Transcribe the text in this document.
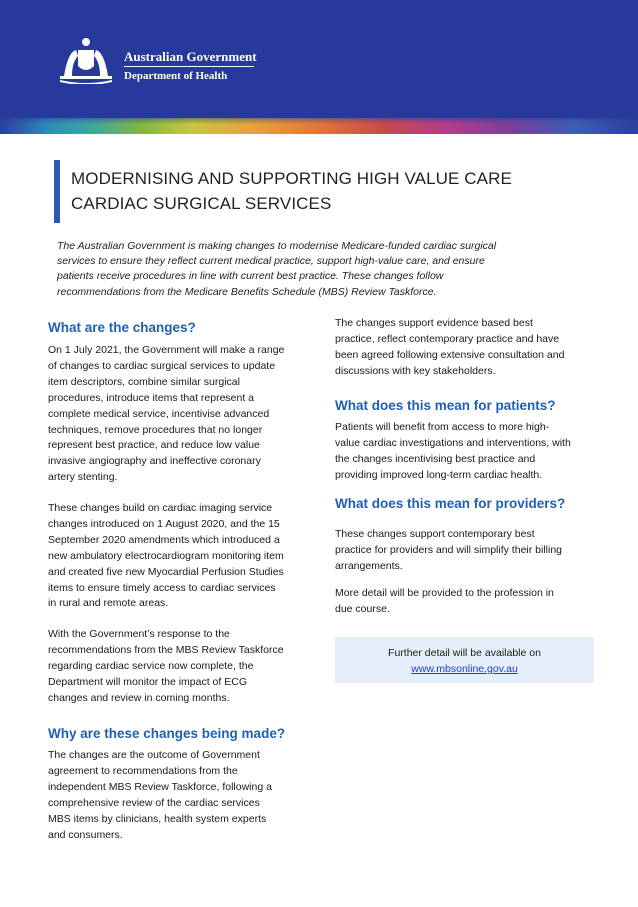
Australian Government
Department of Health
MODERNISING AND SUPPORTING HIGH VALUE CARE
CARDIAC SURGICAL SERVICES
The Australian Government is making changes to modernise Medicare-funded cardiac surgical
services to ensure they reflect current medical practice, support high-value care, and ensure
patients receive procedures in line with current best practice. These changes follow
recommendations from the Medicare Benefits Schedule (MBS) Review Taskforce.
What are the changes?

On 1 July 2021, the Government will make a range

of changes to cardiac surgical services to update

item descriptors, combine similar surgical

procedures, introduce items that represent a

complete medical service, incentivise advanced

techniques, remove procedures that no longer

represent best practice, and reduce low value

invasive angiography and ineffective coronary

artery stenting.

These changes build on cardiac imaging service

changes introduced on 1 August 2020, and the 15

September 2020 amendments which introduced a

new ambulatory electrocardiogram monitoring item

and created five new Myocardial Perfusion Studies

items to ensure timely access to cardiac services

in rural and remote areas.

With the Government’s response to the

recommendations from the MBS Review Taskforce

regarding cardiac service now complete, the

Department will monitor the impact of ECG

changes and review in coming months.

Why are these changes being made?

The changes are the outcome of Government

agreement to recommendations from the

independent MBS Review Taskforce, following a

comprehensive review of the cardiac services

MBS items by clinicians, health system experts

and consumers.

The changes support evidence based best

practice, reflect contemporary practice and have

been agreed following extensive consultation and

discussions with key stakeholders.

What does this mean for patients?

Patients will benefit from access to more high-

value cardiac investigations and interventions, with

the changes incentivising best practice and

providing improved long-term cardiac health.

What does this mean for providers?

These changes support contemporary best

practice for providers and will simplify their billing

arrangements.

More detail will be provided to the profession in

due course.

Further detail will be available on
www.mbsonline.gov.au
